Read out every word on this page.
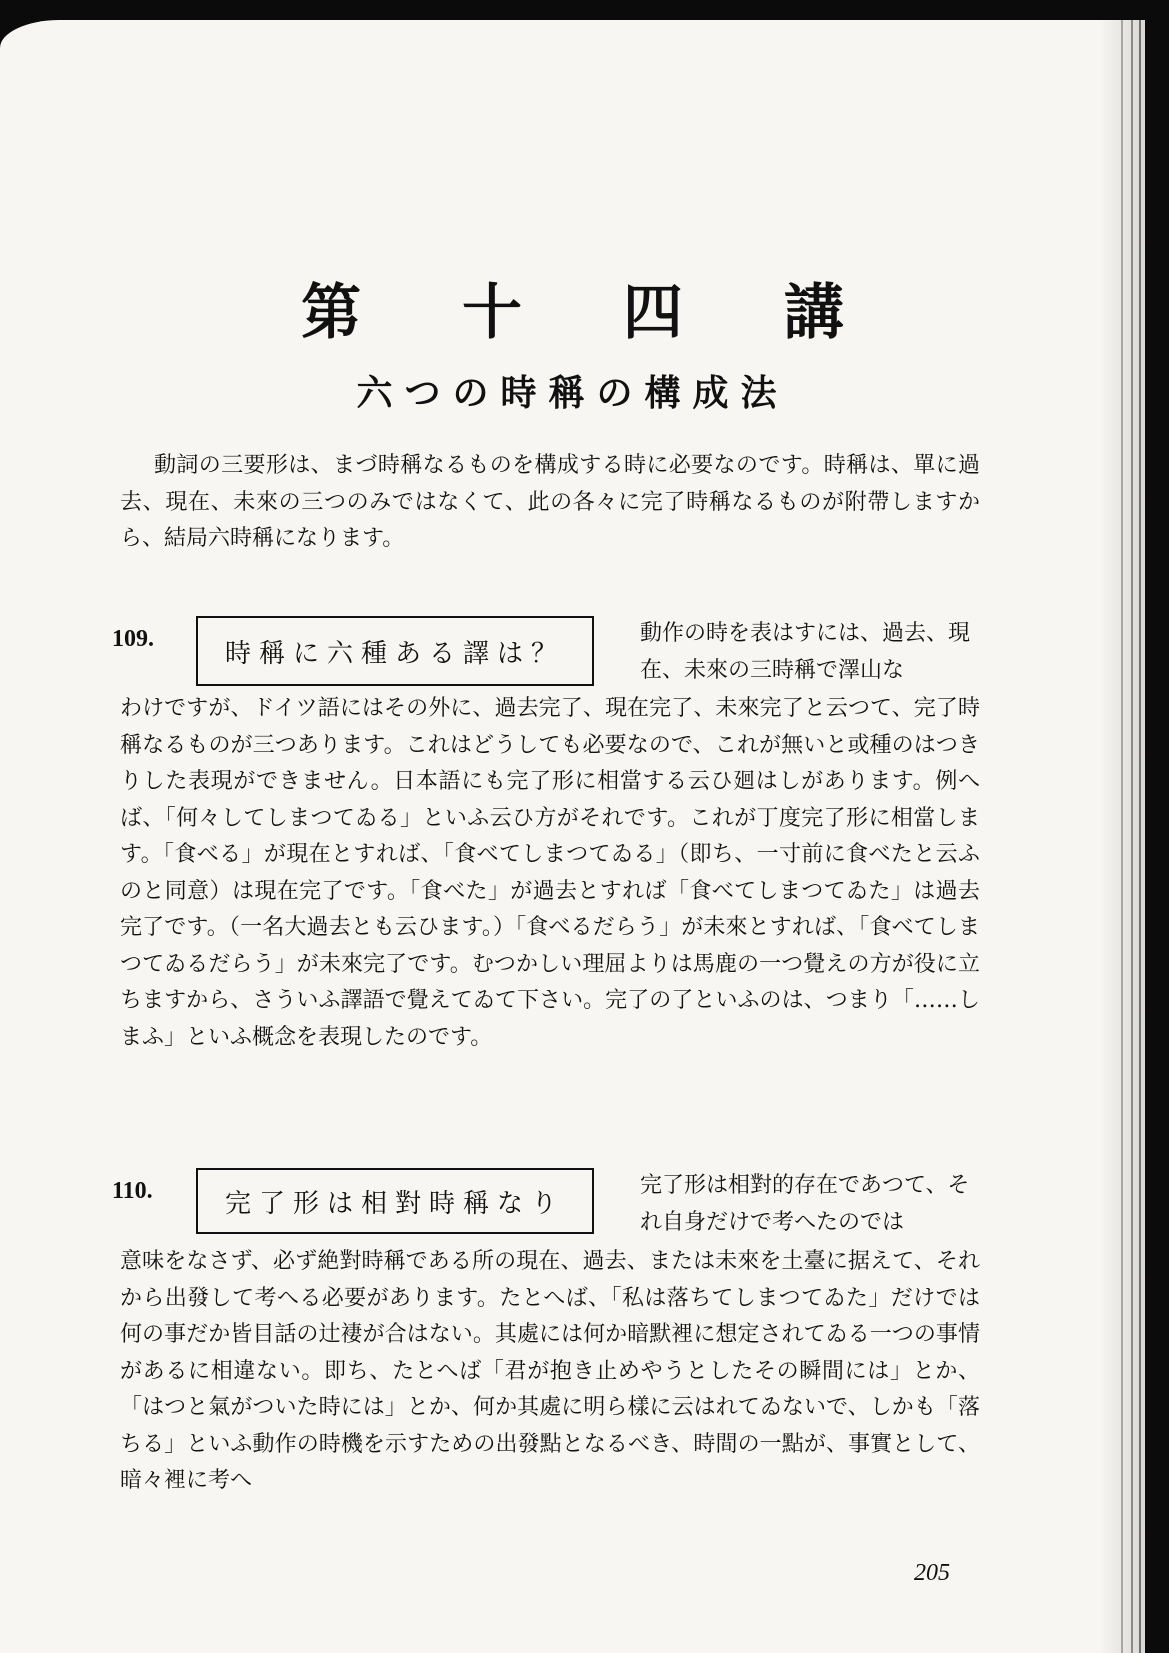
第 十 四 講
六つの時稱の構成法

動詞の三要形は、まづ時稱なるものを構成する時に必要なのです。時稱は、單に過去、現在、未來の三つのみではなくて、此の各々に完了時稱なるものが附帶しますから、結局六時稱になります。

109.	時稱に六種ある譯は？
動作の時を表はすには、過去、現在、未來の三時稱で澤山な

わけですが、ドイツ語にはその外に、過去完了、現在完了、未來完了と云つて、完了時稱なるものが三つあります。これはどうしても必要なので、これが無いと或種のはつきりした表現ができません。日本語にも完了形に相當する云ひ廻はしがあります。例へば、「何々してしまつてゐる」といふ云ひ方がそれです。これが丁度完了形に相當します。「食べる」が現在とすれば、「食べてしまつてゐる」（即ち、一寸前に食べたと云ふのと同意）は現在完了です。「食べた」が過去とすれば「食べてしまつてゐた」は過去完了です。（一名大過去とも云ひます。）「食べるだらう」が未來とすれば、「食べてしまつてゐるだらう」が未來完了です。むつかしい理屈よりは馬鹿の一つ覺えの方が役に立ちますから、さういふ譯語で覺えてゐて下さい。完了の了といふのは、つまり「……しまふ」といふ概念を表現したのです。

110.	完了形は相對時稱なり
完了形は相對的存在であつて、それ自身だけで考へたのでは

意味をなさず、必ず絶對時稱である所の現在、過去、または未來を土臺に据えて、それから出發して考へる必要があります。たとへば、「私は落ちてしまつてゐた」だけでは何の事だか皆目話の辻褄が合はない。其處には何か暗默裡に想定されてゐる一つの事情があるに相違ない。即ち、たとへば「君が抱き止めやうとしたその瞬間には」とか、「はつと氣がついた時には」とか、何か其處に明ら樣に云はれてゐないで、しかも「落ちる」といふ動作の時機を示すための出發點となるべき、時間の一點が、事實として、暗々裡に考へ

205
